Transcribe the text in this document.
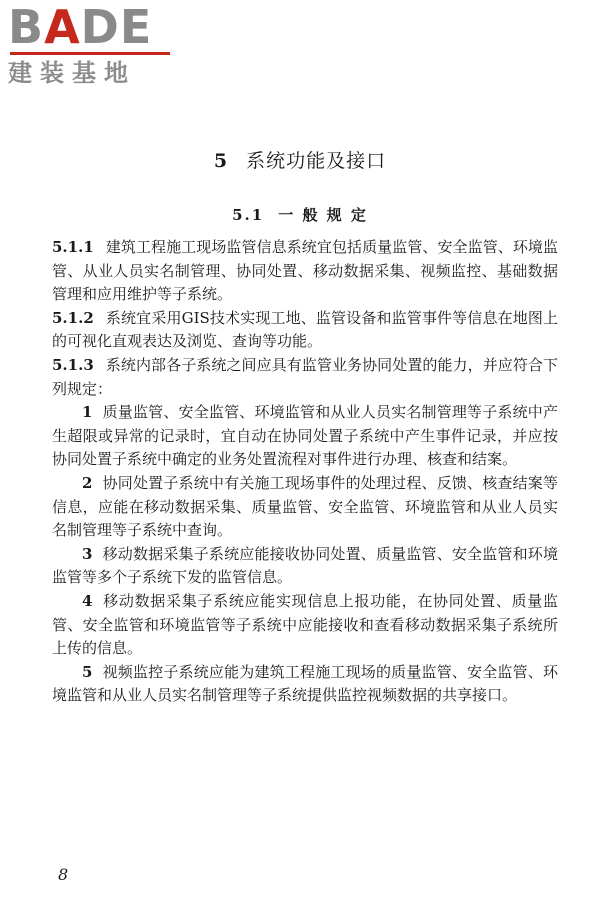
BADE
建装基地
5 系统功能及接口
5.1 一 般 规 定

5.1.1 建筑工程施工现场监管信息系统宜包括质量监管、安全监管、环境监管、从业人员实名制管理、协同处置、移动数据采集、视频监控、基础数据管理和应用维护等子系统。

5.1.2 系统宜采用GIS技术实现工地、监管设备和监管事件等信息在地图上的可视化直观表达及浏览、查询等功能。

5.1.3 系统内部各子系统之间应具有监管业务协同处置的能力，并应符合下列规定：

1 质量监管、安全监管、环境监管和从业人员实名制管理等子系统中产生超限或异常的记录时，宜自动在协同处置子系统中产生事件记录，并应按协同处置子系统中确定的业务处置流程对事件进行办理、核查和结案。

2 协同处置子系统中有关施工现场事件的处理过程、反馈、核查结案等信息，应能在移动数据采集、质量监管、安全监管、环境监管和从业人员实名制管理等子系统中查询。

3 移动数据采集子系统应能接收协同处置、质量监管、安全监管和环境监管等多个子系统下发的监管信息。

4 移动数据采集子系统应能实现信息上报功能，在协同处置、质量监管、安全监管和环境监管等子系统中应能接收和查看移动数据采集子系统所上传的信息。

5 视频监控子系统应能为建筑工程施工现场的质量监管、安全监管、环境监管和从业人员实名制管理等子系统提供监控视频数据的共享接口。

8
